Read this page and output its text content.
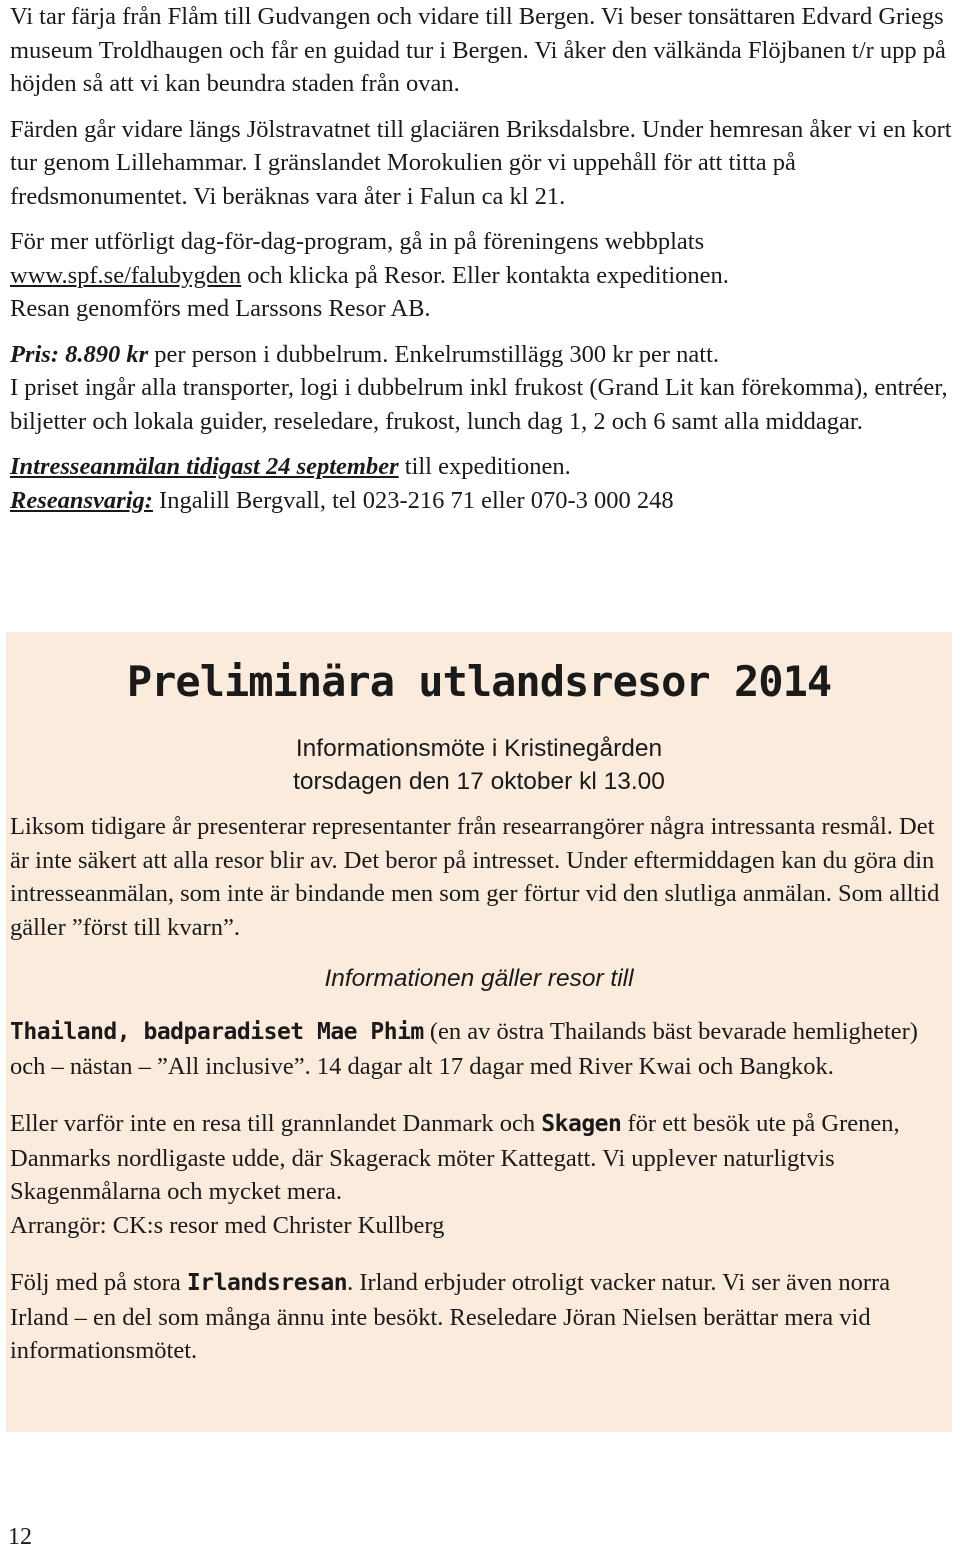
Vi tar färja från Flåm till Gudvangen och vidare till Bergen. Vi beser tonsättaren Edvard Griegs museum Troldhaugen och får en guidad tur i Bergen. Vi åker den välkända Flöjbanen t/r upp på höjden så att vi kan beundra staden från ovan.

Färden går vidare längs Jölstravatnet till glaciären Briksdalsbre. Under hemresan åker vi en kort tur genom Lillehammar. I gränslandet Morokulien gör vi uppehåll för att titta på fredsmonumentet. Vi beräknas vara åter i Falun ca kl 21.

För mer utförligt dag-för-dag-program, gå in på föreningens webbplats
www.spf.se/falubygden och klicka på Resor. Eller kontakta expeditionen.
Resan genomförs med Larssons Resor AB.

Pris: 8.890 kr per person i dubbelrum. Enkelrumstillägg 300 kr per natt.

I priset ingår alla transporter, logi i dubbelrum inkl frukost (Grand Lit kan förekomma), entréer, biljetter och lokala guider, reseledare, frukost, lunch dag 1, 2 och 6 samt alla middagar.

Intresseanmälan tidigast 24 september till expeditionen.

Reseansvarig: Ingalill Bergvall, tel 023-216 71 eller 070-3 000 248

Preliminära utlandsresor 2014
Informationsmöte i Kristinegården
torsdagen den 17 oktober kl 13.00

Liksom tidigare år presenterar representanter från researrangörer några intressanta resmål. Det är inte säkert att alla resor blir av. Det beror på intresset. Under eftermiddagen kan du göra din intresseanmälan, som inte är bindande men som ger förtur vid den slutliga anmälan. Som alltid gäller ”först till kvarn”.

Informationen gäller resor till

Thailand, badparadiset Mae Phim (en av östra Thailands bäst bevarade hemligheter) och – nästan – ”All inclusive”. 14 dagar alt 17 dagar med River Kwai och Bangkok.

Eller varför inte en resa till grannlandet Danmark och Skagen för ett besök ute på Grenen, Danmarks nordligaste udde, där Skagerack möter Kattegatt. Vi upplever naturligtvis Skagenmålarna och mycket mera.

Arrangör: CK:s resor med Christer Kullberg

Följ med på stora Irlandsresan. Irland erbjuder otroligt vacker natur. Vi ser även norra Irland – en del som många ännu inte besökt. Reseledare Jöran Nielsen berättar mera vid informationsmötet.

12
